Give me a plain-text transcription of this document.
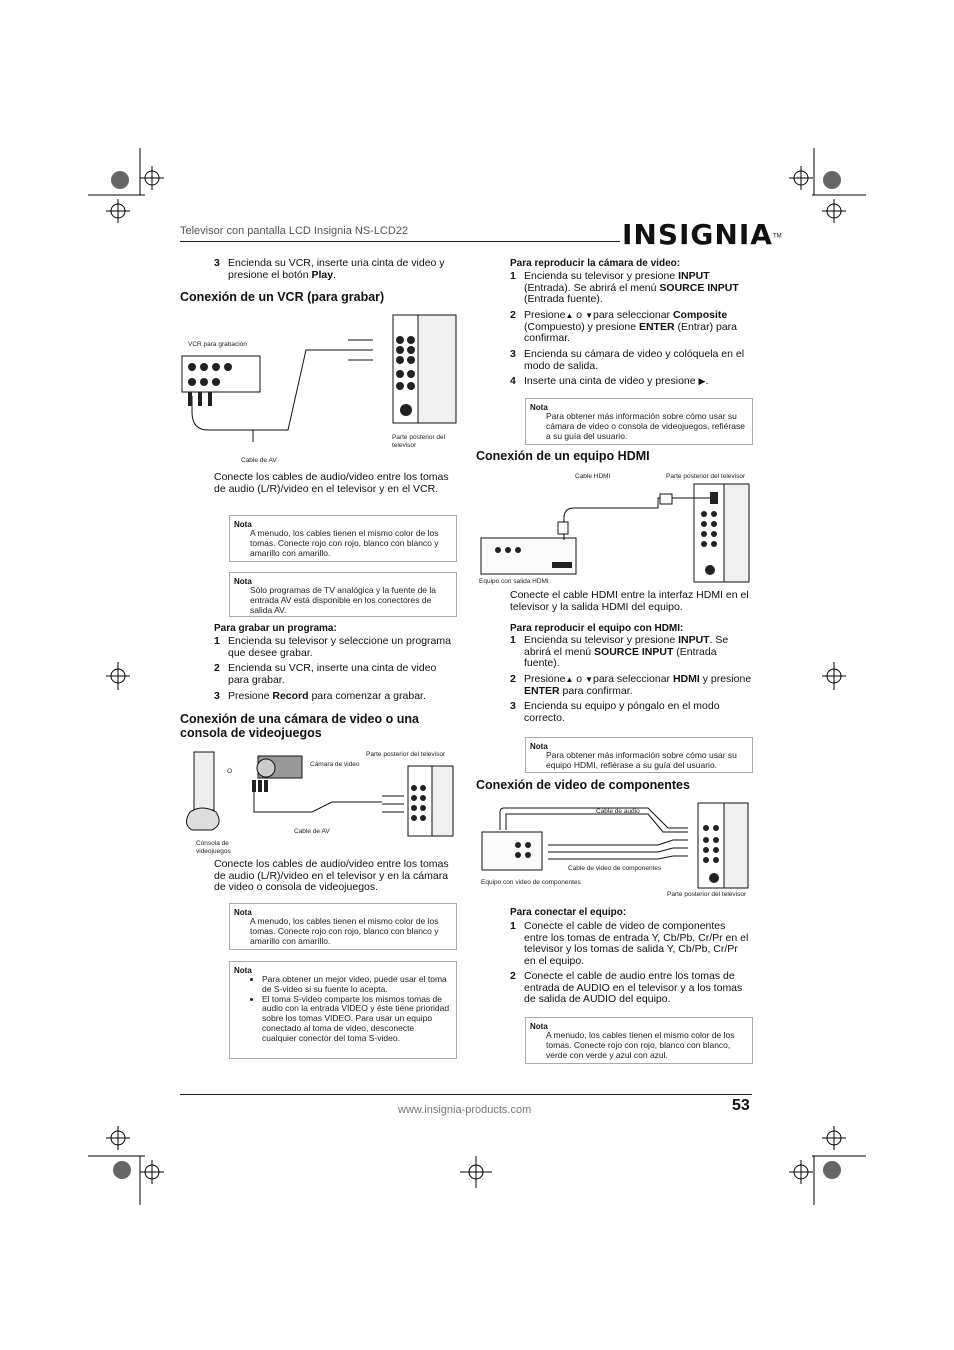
Televisor con pantalla LCD Insignia NS-LCD22	INSIGNIA™
3 Encienda su VCR, inserte una cinta de video y presione el botón Play.
Conexión de un VCR (para grabar)
VCR para grabación
Cable de AV
Parte posterior del
televisor
Conecte los cables de audio/video entre los tomas de audio (L/R)/video en el televisor y en el VCR.
Nota
A menudo, los cables tienen el mismo color de los tomas. Conecte rojo con rojo, blanco con blanco y amarillo con amarillo.
Nota
Sólo programas de TV analógica y la fuente de la entrada AV está disponible en los conectores de salida AV.
Para grabar un programa:
1 Encienda su televisor y seleccione un programa que desee grabar.
2 Encienda su VCR, inserte una cinta de video para grabar.
3 Presione Record para comenzar a grabar.
Conexión de una cámara de video o una consola de videojuegos
Parte posterior del televisor
Cámara de video
O
Cable de AV
Consola de
videojuegos
Conecte los cables de audio/video entre los tomas de audio (L/R)/video en el televisor y en la cámara de video o consola de videojuegos.
Nota
A menudo, los cables tienen el mismo color de los tomas. Conecte rojo con rojo, blanco con blanco y amarillo con amarillo.
Nota
• Para obtener un mejor video, puede usar el toma de S-video si su fuente lo acepta.
• El toma S-video comparte los mismos tomas de audio con la entrada VIDEO y éste tiene prioridad sobre los tomas VIDEO. Para usar un equipo conectado al toma de video, desconecte cualquier conector del toma S-video.
Para reproducir la cámara de video:
1 Encienda su televisor y presione INPUT (Entrada). Se abrirá el menú SOURCE INPUT (Entrada fuente).
2 Presione▲ o ▼para seleccionar Composite (Compuesto) y presione ENTER (Entrar) para confirmar.
3 Encienda su cámara de video y colóquela en el modo de salida.
4 Inserte una cinta de video y presione ▶.
Nota
Para obtener más información sobre cómo usar su cámara de video o consola de videojuegos, refiérase a su guía del usuario.
Conexión de un equipo HDMI
Cable HDMI	Parte posterior del televisor
Equipo con salida HDMI
Conecte el cable HDMI entre la interfaz HDMI en el televisor y la salida HDMI del equipo.
Para reproducir el equipo con HDMI:
1 Encienda su televisor y presione INPUT. Se abrirá el menú SOURCE INPUT (Entrada fuente).
2 Presione▲ o ▼para seleccionar HDMI y presione ENTER para confirmar.
3 Encienda su equipo y póngalo en el modo correcto.
Nota
Para obtener más información sobre cómo usar su equipo HDMI, refiérase a su guía del usuario.
Conexión de video de componentes
Cable de audio
Cable de video de componentes
Equipo con video de componentes
Parte posterior del televisor
Para conectar el equipo:
1 Conecte el cable de video de componentes entre los tomas de entrada Y, Cb/Pb, Cr/Pr en el televisor y los tomas de salida Y, Cb/Pb, Cr/Pr en el equipo.
2 Conecte el cable de audio entre los tomas de entrada de AUDIO en el televisor y a los tomas de salida de AUDIO del equipo.
Nota
A menudo, los cables tienen el mismo color de los tomas. Conecte rojo con rojo, blanco con blanco, verde con verde y azul con azul.
53
www.insignia-products.com
